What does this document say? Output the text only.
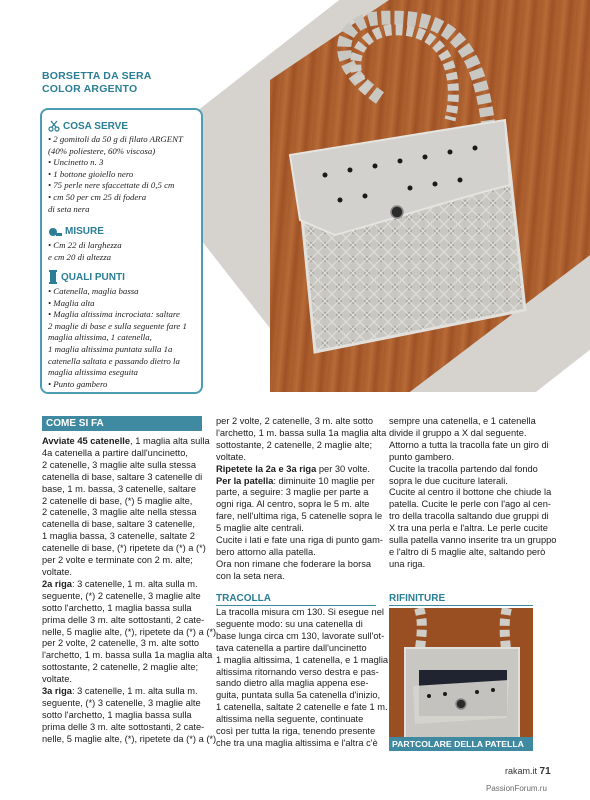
BORSETTA DA SERA
COLOR ARGENTO
COSA SERVE

• 2 gomitoli da 50 g di filato ARGENT

(40% poliestere, 60% viscosa)

• Uncinetto n. 3

• 1 bottone gioiello nero

• 75 perle nere sfaccettate di 0,5 cm

• cm 50 per cm 25 di fodera

di seta nera

MISURE

• Cm 22 di larghezza

e cm 20 di altezza

QUALI PUNTI

• Catenella, maglia bassa

• Maglia alta

• Maglia altissima incrociata: saltare

2 maglie di base e sulla seguente fare 1

maglia altissima, 1 catenella,

1 maglia altissima puntata sulla 1a

catenella saltata e passando dietro la

maglia altissima eseguita

• Punto gambero

COME SI FA

Avviate 45 catenelle, 1 maglia alta sulla

4a catenella a partire dall'uncinetto,

2 catenelle, 3 maglie alte sulla stessa

catenella di base, saltare 3 catenelle di

base, 1 m. bassa, 3 catenelle, saltare

2 catenelle di base, (*) 5 maglie alte,

2 catenelle, 3 maglie alte nella stessa

catenella di base, saltare 3 catenelle,

1 maglia bassa, 3 catenelle, saltate 2

catenelle di base, (*) ripetete da (*) a (*)

per 2 volte e terminate con 2 m. alte;

voltate.

2a riga: 3 catenelle, 1 m. alta sulla m.

seguente, (*) 2 catenelle, 3 maglie alte

sotto l'archetto, 1 maglia bassa sulla

prima delle 3 m. alte sottostanti, 2 cate-

nelle, 5 maglie alte, (*), ripetete da (*) a (*)

per 2 volte, 2 catenelle, 3 m. alte sotto

l'archetto, 1 m. bassa sulla 1a maglia alta

sottostante, 2 catenelle, 2 maglie alte;

voltate.

3a riga: 3 catenelle, 1 m. alta sulla m.

seguente, (*) 3 catenelle, 3 maglie alte

sotto l'archetto, 1 maglia bassa sulla

prima delle 3 m. alte sottostanti, 2 cate-

nelle, 5 maglie alte, (*), ripetete da (*) a (*)

per 2 volte, 2 catenelle, 3 m. alte sotto

l'archetto, 1 m. bassa sulla 1a maglia alta

sottostante, 2 catenelle, 2 maglie alte;

voltate.

Ripetete la 2a e 3a riga per 30 volte.

Per la patella: diminuite 10 maglie per

parte, a seguire: 3 maglie per parte a

ogni riga. Al centro, sopra le 5 m. alte

fare, nell'ultima riga, 5 catenelle sopra le

5 maglie alte centrali.

Cucite i lati e fate una riga di punto gam-

bero attorno alla patella.

Ora non rimane che foderare la borsa

con la seta nera.

TRACOLLA

La tracolla misura cm 130. Si esegue nel

seguente modo: su una catenella di

base lunga circa cm 130, lavorate sull'ot-

tava catenella a partire dall'uncinetto

1 maglia altissima, 1 catenella, e 1 maglia

altissima ritornando verso destra e pas-

sando dietro alla maglia appena ese-

guita, puntata sulla 5a catenella d'inizio,

1 catenella, saltate 2 catenelle e fate 1 m.

altissima nella seguente, continuate

così per tutta la riga, tenendo presente

che tra una maglia altissima e l'altra c'è

sempre una catenella, e 1 catenella

divide il gruppo a X dal seguente.

Attorno a tutta la tracolla fate un giro di

punto gambero.

Cucite la tracolla partendo dal fondo

sopra le due cuciture laterali.

Cucite al centro il bottone che chiude la

patella. Cucite le perle con l'ago al cen-

tro della tracolla saltando due gruppi di

X tra una perla e l'altra. Le perle cucite

sulla patella vanno inserite tra un gruppo

e l'altro di 5 maglie alte, saltando però

una riga.

RIFINITURE
PARTCOLARE DELLA PATELLA
rakam.it 71
PassionForum.ru
